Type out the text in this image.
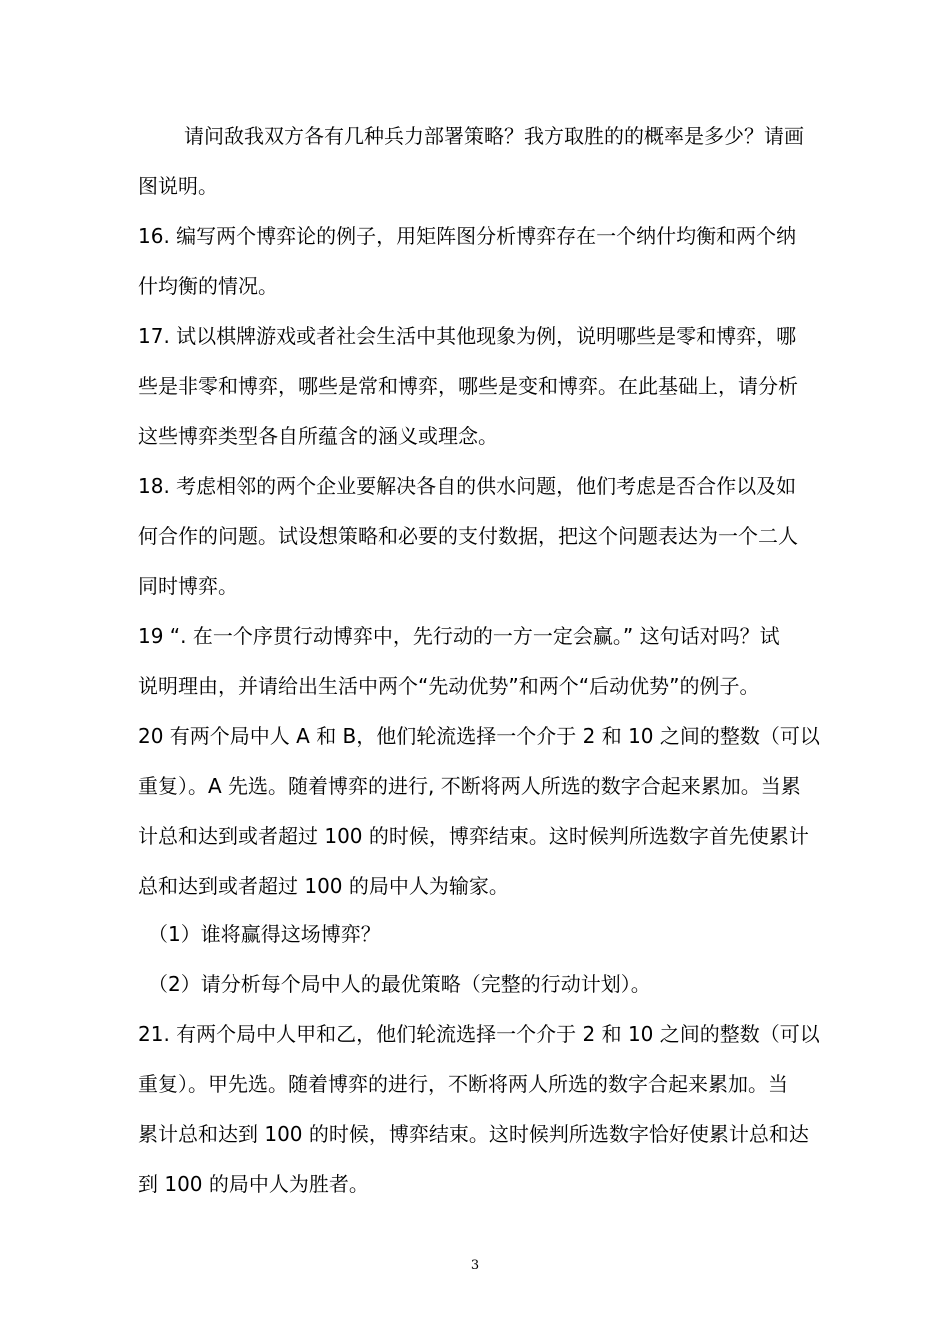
请问敌我双方各有几种兵力部署策略？我方取胜的的概率是多少？请画
图说明。
16. 编写两个博弈论的例子，用矩阵图分析博弈存在一个纳什均衡和两个纳
什均衡的情况。
17. 试以棋牌游戏或者社会生活中其他现象为例，说明哪些是零和博弈，哪
些是非零和博弈，哪些是常和博弈，哪些是变和博弈。在此基础上，请分析
这些博弈类型各自所蕴含的涵义或理念。
18. 考虑相邻的两个企业要解决各自的供水问题，他们考虑是否合作以及如
何合作的问题。试设想策略和必要的支付数据，把这个问题表达为一个二人
同时博弈。
19 “. 在一个序贯行动博弈中，先行动的一方一定会赢。” 这句话对吗？试
说明理由，并请给出生活中两个“先动优势”和两个“后动优势”的例子。
20 有两个局中人 A 和 B，他们轮流选择一个介于 2 和 10 之间的整数（可以
重复）。A 先选。随着博弈的进行, 不断将两人所选的数字合起来累加。当累
计总和达到或者超过 100 的时候，博弈结束。这时候判所选数字首先使累计
总和达到或者超过 100 的局中人为输家。
（1）谁将赢得这场博弈？
（2）请分析每个局中人的最优策略（完整的行动计划）。
21. 有两个局中人甲和乙，他们轮流选择一个介于 2 和 10 之间的整数（可以
重复）。甲先选。随着博弈的进行，不断将两人所选的数字合起来累加。当
累计总和达到 100 的时候，博弈结束。这时候判所选数字恰好使累计总和达
到 100 的局中人为胜者。
3
